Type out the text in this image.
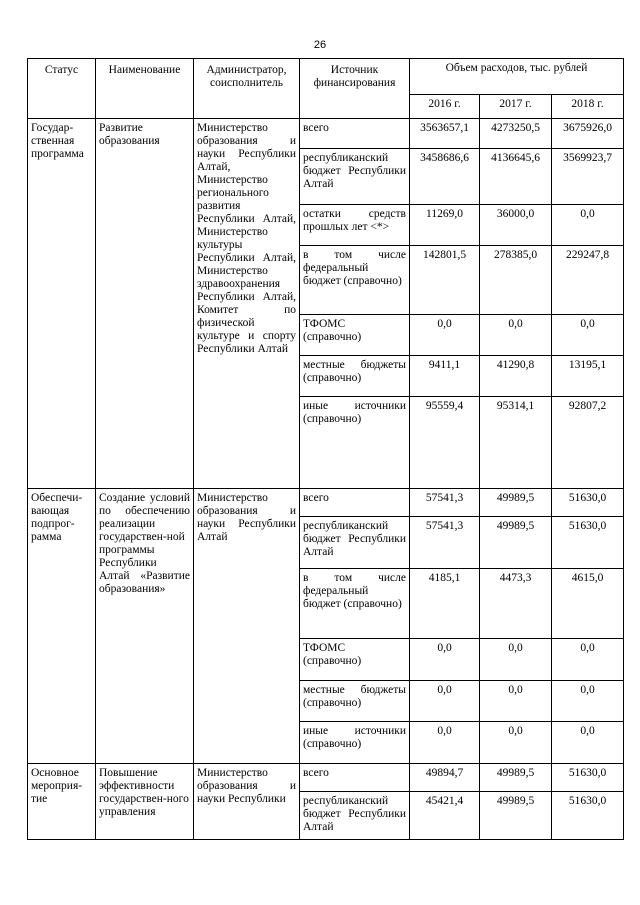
26
Статус	Наименование	Администратор, соисполнитель	Источник финансирования	Объем расходов, тыс. рублей		
				2016 г.	2017 г.	2018 г.
Государ-ственная программа	Развитие образования	Министерство образования и науки Республики Алтай, Министерство регионального развития Республики Алтай, Министерство культуры Республики Алтай, Министерство здравоохранения Республики Алтай, Комитет по физической культуре и спорту Республики Алтай	всего	3563657,1	4273250,5	3675926,0
			республиканский бюджет Республики Алтай	3458686,6	4136645,6	3569923,7
			остатки средств прошлых лет <*>	11269,0	36000,0	0,0
			в том числе федеральный бюджет (справочно)	142801,5	278385,0	229247,8
			ТФОМС (справочно)	0,0	0,0	0,0
			местные бюджеты (справочно)	9411,1	41290,8	13195,1
			иные источники (справочно)	95559,4	95314,1	92807,2
Обеспечи-вающая подпрог-рамма	Создание условий по обеспечению реализации государствен-ной программы Республики Алтай «Развитие образования»	Министерство образования и науки Республики Алтай	всего	57541,3	49989,5	51630,0
			республиканский бюджет Республики Алтай	57541,3	49989,5	51630,0
			в том числе федеральный бюджет (справочно)	4185,1	4473,3	4615,0
			ТФОМС (справочно)	0,0	0,0	0,0
			местные бюджеты (справочно)	0,0	0,0	0,0
			иные источники (справочно)	0,0	0,0	0,0
Основное мероприя-тие	Повышение эффективности государствен-ного управления	Министерство образования и науки Республики	всего	49894,7	49989,5	51630,0
			республиканский бюджет Республики Алтай	45421,4	49989,5	51630,0
